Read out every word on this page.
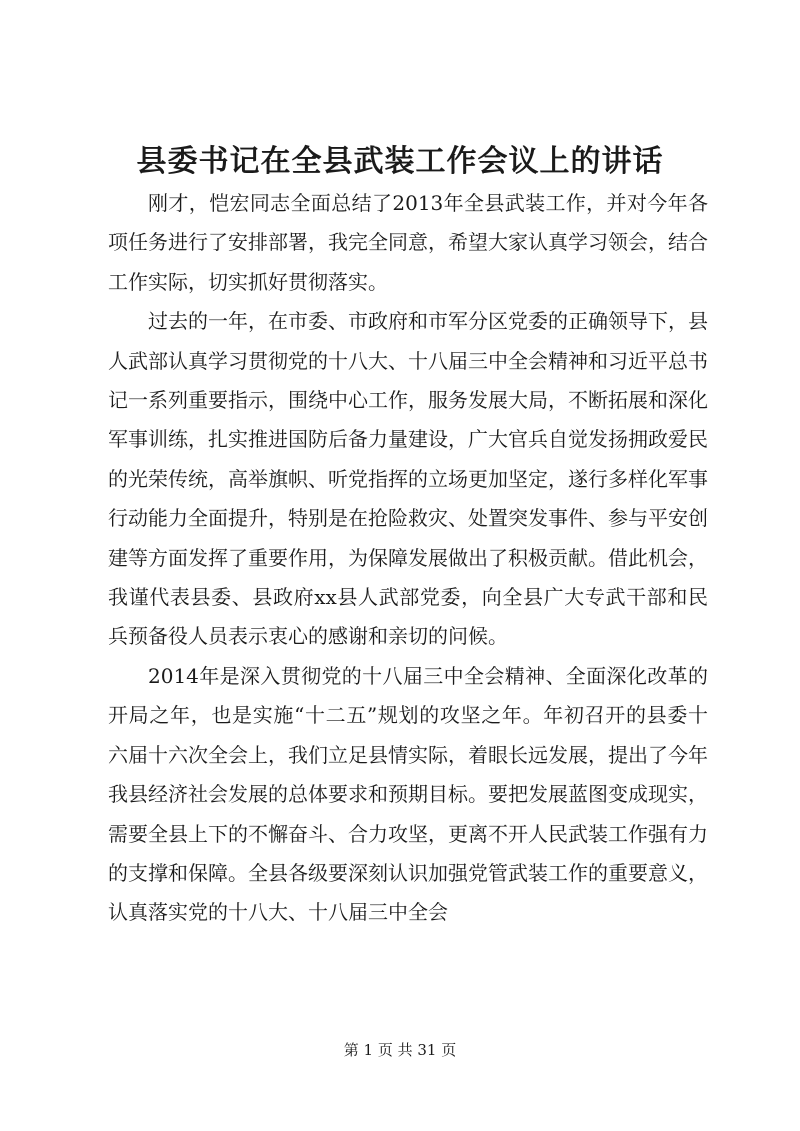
县委书记在全县武装工作会议上的讲话

刚才，恺宏同志全面总结了2013年全县武装工作，并对今年各项任务进行了安排部署，我完全同意，希望大家认真学习领会，结合工作实际，切实抓好贯彻落实。

过去的一年，在市委、市政府和市军分区党委的正确领导下，县人武部认真学习贯彻党的十八大、十八届三中全会精神和习近平总书记一系列重要指示，围绕中心工作，服务发展大局，不断拓展和深化军事训练，扎实推进国防后备力量建设，广大官兵自觉发扬拥政爱民的光荣传统，高举旗帜、听党指挥的立场更加坚定，遂行多样化军事行动能力全面提升，特别是在抢险救灾、处置突发事件、参与平安创建等方面发挥了重要作用，为保障发展做出了积极贡献。借此机会，我谨代表县委、县政府xx县人武部党委，向全县广大专武干部和民兵预备役人员表示衷心的感谢和亲切的问候。

2014年是深入贯彻党的十八届三中全会精神、全面深化改革的开局之年，也是实施“十二五”规划的攻坚之年。年初召开的县委十六届十六次全会上，我们立足县情实际，着眼长远发展，提出了今年我县经济社会发展的总体要求和预期目标。要把发展蓝图变成现实，需要全县上下的不懈奋斗、合力攻坚，更离不开人民武装工作强有力的支撑和保障。全县各级要深刻认识加强党管武装工作的重要意义，认真落实党的十八大、十八届三中全会

第 1 页 共 31 页
